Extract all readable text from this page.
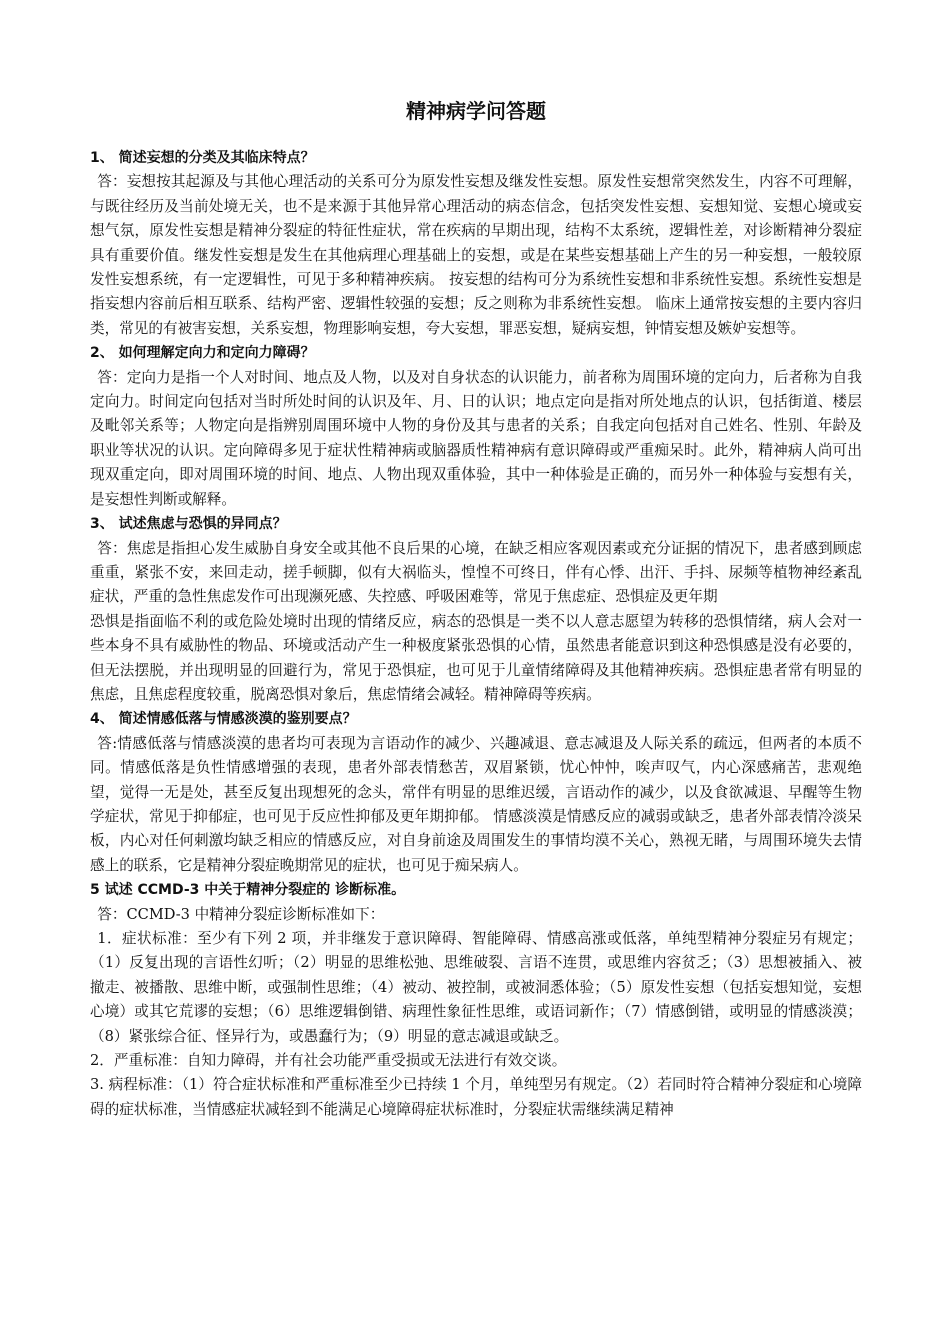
精神病学问答题
1、 简述妄想的分类及其临床特点？

答：妄想按其起源及与其他心理活动的关系可分为原发性妄想及继发性妄想。原发性妄想常突然发生，内容不可理解，与既往经历及当前处境无关，也不是来源于其他异常心理活动的病态信念，包括突发性妄想、妄想知觉、妄想心境或妄想气氛，原发性妄想是精神分裂症的特征性症状，常在疾病的早期出现，结构不太系统，逻辑性差，对诊断精神分裂症具有重要价值。继发性妄想是发生在其他病理心理基础上的妄想，或是在某些妄想基础上产生的另一种妄想，一般较原发性妄想系统，有一定逻辑性，可见于多种精神疾病。 按妄想的结构可分为系统性妄想和非系统性妄想。系统性妄想是指妄想内容前后相互联系、结构严密、逻辑性较强的妄想；反之则称为非系统性妄想。 临床上通常按妄想的主要内容归类，常见的有被害妄想，关系妄想，物理影响妄想，夸大妄想，罪恶妄想，疑病妄想，钟情妄想及嫉妒妄想等。

2、 如何理解定向力和定向力障碍？

答：定向力是指一个人对时间、地点及人物，以及对自身状态的认识能力，前者称为周围环境的定向力，后者称为自我定向力。时间定向包括对当时所处时间的认识及年、月、日的认识；地点定向是指对所处地点的认识，包括街道、楼层及毗邻关系等；人物定向是指辨别周围环境中人物的身份及其与患者的关系；自我定向包括对自己姓名、性别、年龄及职业等状况的认识。定向障碍多见于症状性精神病或脑器质性精神病有意识障碍或严重痴呆时。此外，精神病人尚可出现双重定向，即对周围环境的时间、地点、人物出现双重体验，其中一种体验是正确的，而另外一种体验与妄想有关，是妄想性判断或解释。

3、 试述焦虑与恐惧的异同点？

答：焦虑是指担心发生威胁自身安全或其他不良后果的心境，在缺乏相应客观因素或充分证据的情况下，患者感到顾虑重重，紧张不安，来回走动，搓手顿脚，似有大祸临头，惶惶不可终日，伴有心悸、出汗、手抖、尿频等植物神经紊乱症状，严重的急性焦虑发作可出现濒死感、失控感、呼吸困难等，常见于焦虑症、恐惧症及更年期

恐惧是指面临不利的或危险处境时出现的情绪反应，病态的恐惧是一类不以人意志愿望为转移的恐惧情绪，病人会对一些本身不具有威胁性的物品、环境或活动产生一种极度紧张恐惧的心情，虽然患者能意识到这种恐惧感是没有必要的，但无法摆脱，并出现明显的回避行为，常见于恐惧症，也可见于儿童情绪障碍及其他精神疾病。恐惧症患者常有明显的焦虑，且焦虑程度较重，脱离恐惧对象后，焦虑情绪会减轻。精神障碍等疾病。

4、 简述情感低落与情感淡漠的鉴别要点？

答:情感低落与情感淡漠的患者均可表现为言语动作的减少、兴趣减退、意志减退及人际关系的疏远，但两者的本质不同。情感低落是负性情感增强的表现，患者外部表情愁苦，双眉紧锁，忧心忡忡，唉声叹气，内心深感痛苦，悲观绝望，觉得一无是处，甚至反复出现想死的念头，常伴有明显的思维迟缓，言语动作的减少，以及食欲减退、早醒等生物学症状，常见于抑郁症，也可见于反应性抑郁及更年期抑郁。 情感淡漠是情感反应的减弱或缺乏，患者外部表情冷淡呆板，内心对任何刺激均缺乏相应的情感反应，对自身前途及周围发生的事情均漠不关心，熟视无睹，与周围环境失去情感上的联系，它是精神分裂症晚期常见的症状，也可见于痴呆病人。

5 试述 CCMD-3 中关于精神分裂症的 诊断标准。

答：CCMD-3 中精神分裂症诊断标准如下：

1．症状标准：至少有下列 2 项，并非继发于意识障碍、智能障碍、情感高涨或低落，单纯型精神分裂症另有规定；（1）反复出现的言语性幻听；（2）明显的思维松弛、思维破裂、言语不连贯，或思维内容贫乏；（3）思想被插入、被撤走、被播散、思维中断，或强制性思维；（4）被动、被控制，或被洞悉体验；（5）原发性妄想（包括妄想知觉，妄想心境）或其它荒谬的妄想；（6）思维逻辑倒错、病理性象征性思维，或语词新作；（7）情感倒错，或明显的情感淡漠；（8）紧张综合征、怪异行为，或愚蠢行为；（9）明显的意志减退或缺乏。

2．严重标准：自知力障碍，并有社会功能严重受损或无法进行有效交谈。

3. 病程标准：（1）符合症状标准和严重标准至少已持续 1 个月，单纯型另有规定。（2）若同时符合精神分裂症和心境障碍的症状标准，当情感症状减轻到不能满足心境障碍症状标准时，分裂症状需继续满足精神
